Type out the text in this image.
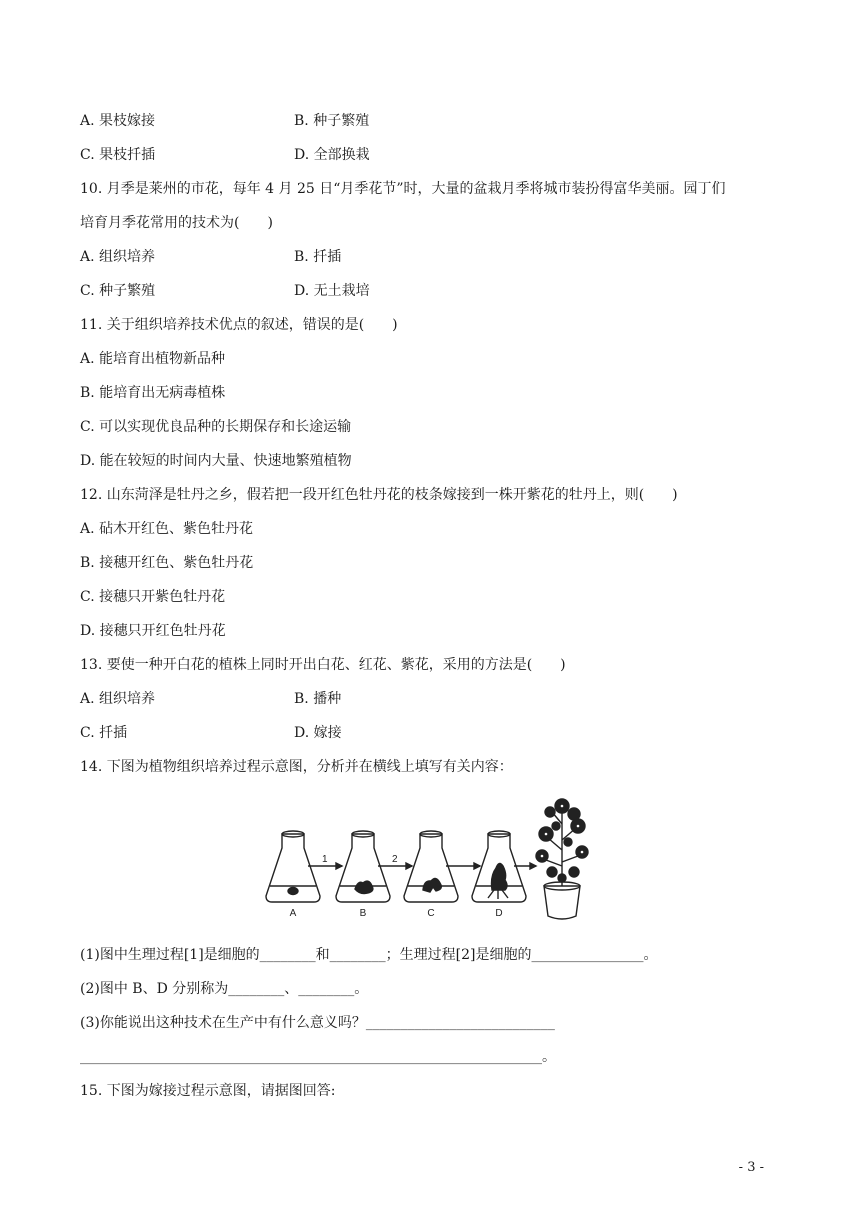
A. 果枝嫁接	B. 种子繁殖
C. 果枝扦插	D. 全部换栽
10. 月季是莱州的市花，每年 4 月 25 日“月季花节”时，大量的盆栽月季将城市装扮得富华美丽。园丁们
培育月季花常用的技术为(　　)
A. 组织培养	B. 扦插
C. 种子繁殖	D. 无土栽培
11. 关于组织培养技术优点的叙述，错误的是(　　)
A. 能培育出植物新品种
B. 能培育出无病毒植株
C. 可以实现优良品种的长期保存和长途运输
D. 能在较短的时间内大量、快速地繁殖植物
12. 山东菏泽是牡丹之乡，假若把一段开红色牡丹花的枝条嫁接到一株开紫花的牡丹上，则(　　)
A. 砧木开红色、紫色牡丹花
B. 接穗开红色、紫色牡丹花
C. 接穗只开紫色牡丹花
D. 接穗只开红色牡丹花
13. 要使一种开白花的植株上同时开出白花、红花、紫花，采用的方法是(　　)
A. 组织培养	B. 播种
C. 扦插	D. 嫁接
14. 下图为植物组织培养过程示意图，分析并在横线上填写有关内容：
A	B	C	D
1	2
(1)图中生理过程[1]是细胞的________和________；生理过程[2]是细胞的________________。
(2)图中 B、D 分别称为________、________。
(3)你能说出这种技术在生产中有什么意义吗？___________________________
__________________________________________________________________。
15. 下图为嫁接过程示意图，请据图回答:
- 3 -
